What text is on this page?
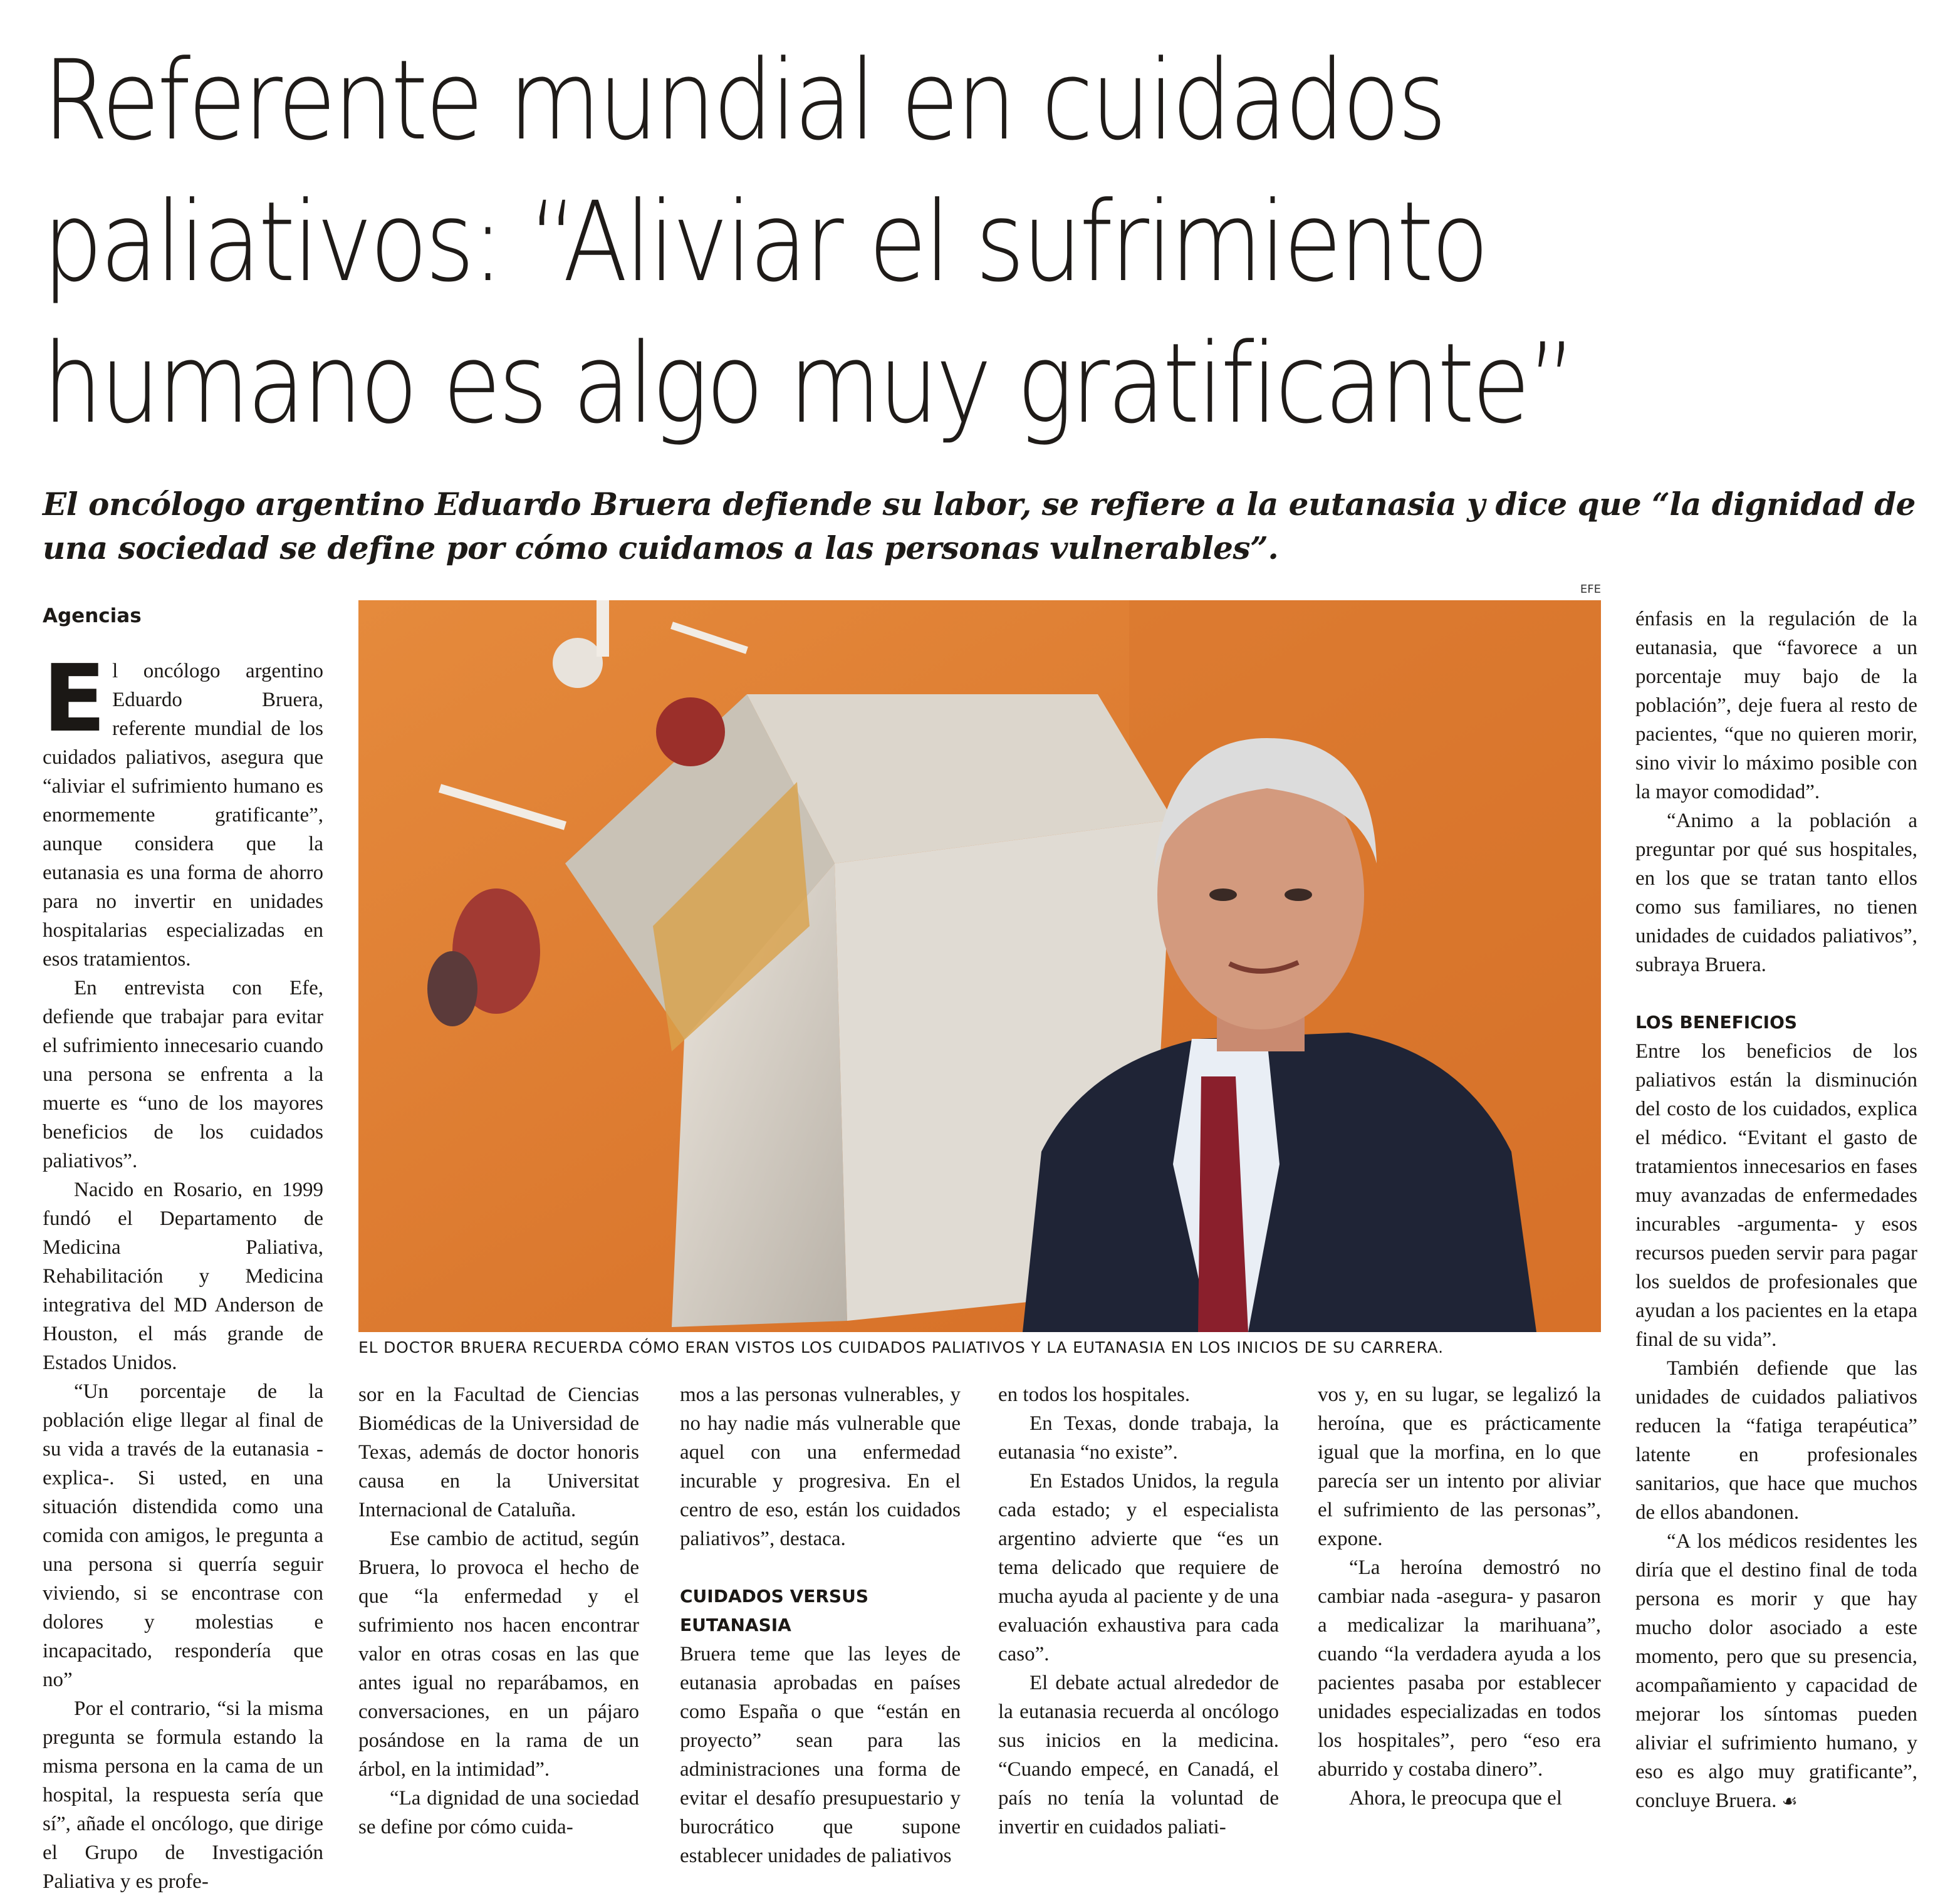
Referente mundial en cuidados
paliativos: “Aliviar el sufrimiento
humano es algo muy gratificante”
El oncólogo argentino Eduardo Bruera defiende su labor, se refiere a la eutanasia y dice que “la dignidad de una sociedad se define por cómo cuidamos a las personas vulnerables”.
Agencias

El oncólogo argentino Eduardo Bruera, referente mundial de los cuidados paliativos, asegura que “aliviar el sufrimiento humano es enormemente gratificante”, aunque considera que la eutanasia es una forma de ahorro para no invertir en unidades hospitalarias especializadas en esos tratamientos.

En entrevista con Efe, defiende que trabajar para evitar el sufrimiento innecesario cuando una persona se enfrenta a la muerte es “uno de los mayores beneficios de los cuidados paliativos”.

Nacido en Rosario, en 1999 fundó el Departamento de Medicina Paliativa, Rehabilitación y Medicina integrativa del MD Anderson de Houston, el más grande de Estados Unidos.

“Un porcentaje de la población elige llegar al final de su vida a través de la eutanasia -explica-. Si usted, en una situación distendida como una comida con amigos, le pregunta a una persona si querría seguir viviendo, si se encontrase con dolores y molestias e incapacitado, respondería que no”

Por el contrario, “si la misma pregunta se formula estando la misma persona en la cama de un hospital, la respuesta sería que sí”, añade el oncólogo, que dirige el Grupo de Investigación Paliativa y es profe-

EFE
EL DOCTOR BRUERA RECUERDA CÓMO ERAN VISTOS LOS CUIDADOS PALIATIVOS Y LA EUTANASIA EN LOS INICIOS DE SU CARRERA.

sor en la Facultad de Ciencias Biomédicas de la Universidad de Texas, además de doctor honoris causa en la Universitat Internacional de Cataluña.

Ese cambio de actitud, según Bruera, lo provoca el hecho de que “la enfermedad y el sufrimiento nos hacen encontrar valor en otras cosas en las que antes igual no reparábamos, en conversaciones, en un pájaro posándose en la rama de un árbol, en la intimidad”.

“La dignidad de una sociedad se define por cómo cuida-

mos a las personas vulnerables, y no hay nadie más vulnerable que aquel con una enfermedad incurable y progresiva. En el centro de eso, están los cuidados paliativos”, destaca.

CUIDADOS VERSUS EUTANASIA

Bruera teme que las leyes de eutanasia aprobadas en países como España o que “están en proyecto” sean para las administraciones una forma de evitar el desafío presupuestario y burocrático que supone establecer unidades de paliativos

en todos los hospitales.

En Texas, donde trabaja, la eutanasia “no existe”.

En Estados Unidos, la regula cada estado; y el especialista argentino advierte que “es un tema delicado que requiere de mucha ayuda al paciente y de una evaluación exhaustiva para cada caso”.

El debate actual alrededor de la eutanasia recuerda al oncólogo sus inicios en la medicina. “Cuando empecé, en Canadá, el país no tenía la voluntad de invertir en cuidados paliati-

vos y, en su lugar, se legalizó la heroína, que es prácticamente igual que la morfina, en lo que parecía ser un intento por aliviar el sufrimiento de las personas”, expone.

“La heroína demostró no cambiar nada -asegura- y pasaron a medicalizar la marihuana”, cuando “la verdadera ayuda a los pacientes pasaba por establecer unidades especializadas en todos los hospitales”, pero “eso era aburrido y costaba dinero”.

Ahora, le preocupa que el

énfasis en la regulación de la eutanasia, que “favorece a un porcentaje muy bajo de la población”, deje fuera al resto de pacientes, “que no quieren morir, sino vivir lo máximo posible con la mayor comodidad”.

“Animo a la población a preguntar por qué sus hospitales, en los que se tratan tanto ellos como sus familiares, no tienen unidades de cuidados paliativos”, subraya Bruera.

LOS BENEFICIOS

Entre los beneficios de los paliativos están la disminución del costo de los cuidados, explica el médico. “Evitant el gasto de tratamientos innecesarios en fases muy avanzadas de enfermedades incurables -argumenta- y esos recursos pueden servir para pagar los sueldos de profesionales que ayudan a los pacientes en la etapa final de su vida”.

También defiende que las unidades de cuidados paliativos reducen la “fatiga terapéutica” latente en profesionales sanitarios, que hace que muchos de ellos abandonen.

“A los médicos residentes les diría que el destino final de toda persona es morir y que hay mucho dolor asociado a este momento, pero que su presencia, acompañamiento y capacidad de mejorar los síntomas pueden aliviar el sufrimiento humano, y eso es algo muy gratificante”, concluye Bruera. ☙
